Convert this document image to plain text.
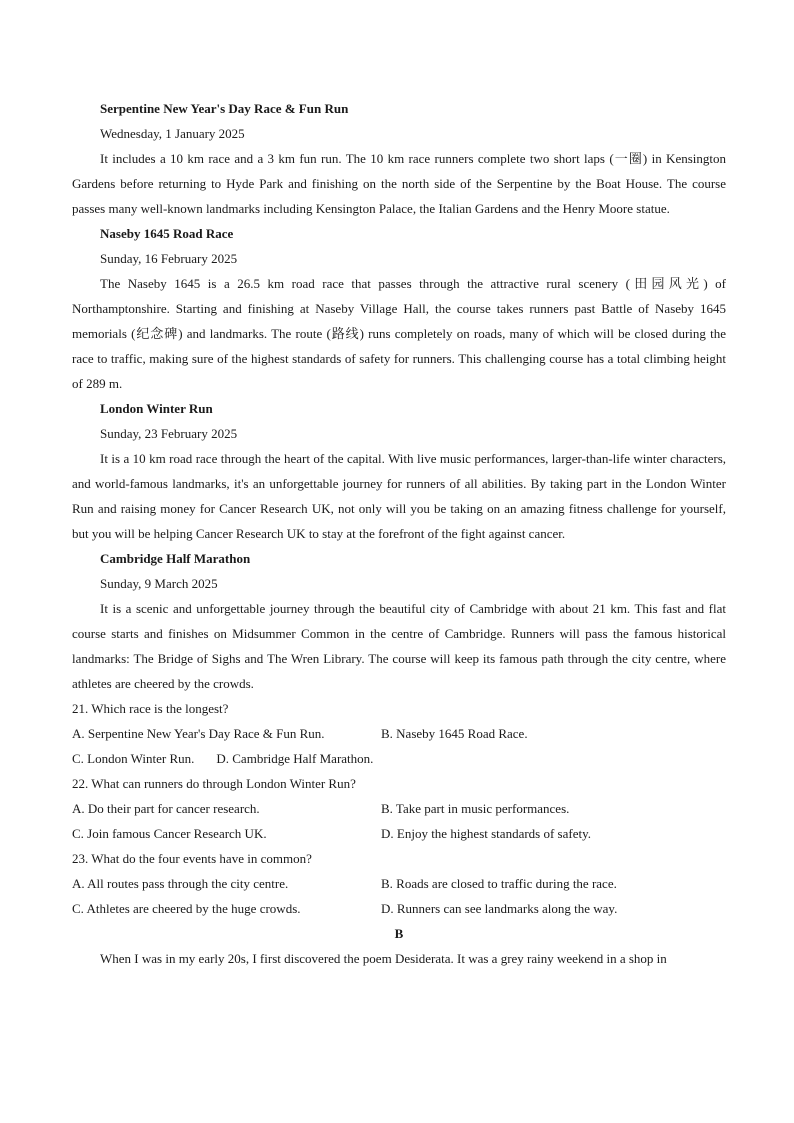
Serpentine New Year's Day Race & Fun Run

Wednesday, 1 January 2025

It includes a 10 km race and a 3 km fun run. The 10 km race runners complete two short laps (一圈) in Kensington Gardens before returning to Hyde Park and finishing on the north side of the Serpentine by the Boat House. The course passes many well-known landmarks including Kensington Palace, the Italian Gardens and the Henry Moore statue.

Naseby 1645 Road Race

Sunday, 16 February 2025

The Naseby 1645 is a 26.5 km road race that passes through the attractive rural scenery (田园风光) of Northamptonshire. Starting and finishing at Naseby Village Hall, the course takes runners past Battle of Naseby 1645 memorials (纪念碑) and landmarks. The route (路线) runs completely on roads, many of which will be closed during the race to traffic, making sure of the highest standards of safety for runners. This challenging course has a total climbing height of 289 m.

London Winter Run

Sunday, 23 February 2025

It is a 10 km road race through the heart of the capital. With live music performances, larger-than-life winter characters, and world-famous landmarks, it's an unforgettable journey for runners of all abilities. By taking part in the London Winter Run and raising money for Cancer Research UK, not only will you be taking on an amazing fitness challenge for yourself, but you will be helping Cancer Research UK to stay at the forefront of the fight against cancer.

Cambridge Half Marathon

Sunday, 9 March 2025

It is a scenic and unforgettable journey through the beautiful city of Cambridge with about 21 km. This fast and flat course starts and finishes on Midsummer Common in the centre of Cambridge. Runners will pass the famous historical landmarks: The Bridge of Sighs and The Wren Library. The course will keep its famous path through the city centre, where athletes are cheered by the crowds.

21. Which race is the longest?

A. Serpentine New Year's Day Race & Fun Run.	B. Naseby 1645 Road Race.
C. London Winter Run. D. Cambridge Half Marathon.

22. What can runners do through London Winter Run?

A. Do their part for cancer research.	B. Take part in music performances.
C. Join famous Cancer Research UK.	D. Enjoy the highest standards of safety.

23. What do the four events have in common?

A. All routes pass through the city centre.	B. Roads are closed to traffic during the race.
C. Athletes are cheered by the huge crowds.	D. Runners can see landmarks along the way.
B

When I was in my early 20s, I first discovered the poem Desiderata. It was a grey rainy weekend in a shop in
